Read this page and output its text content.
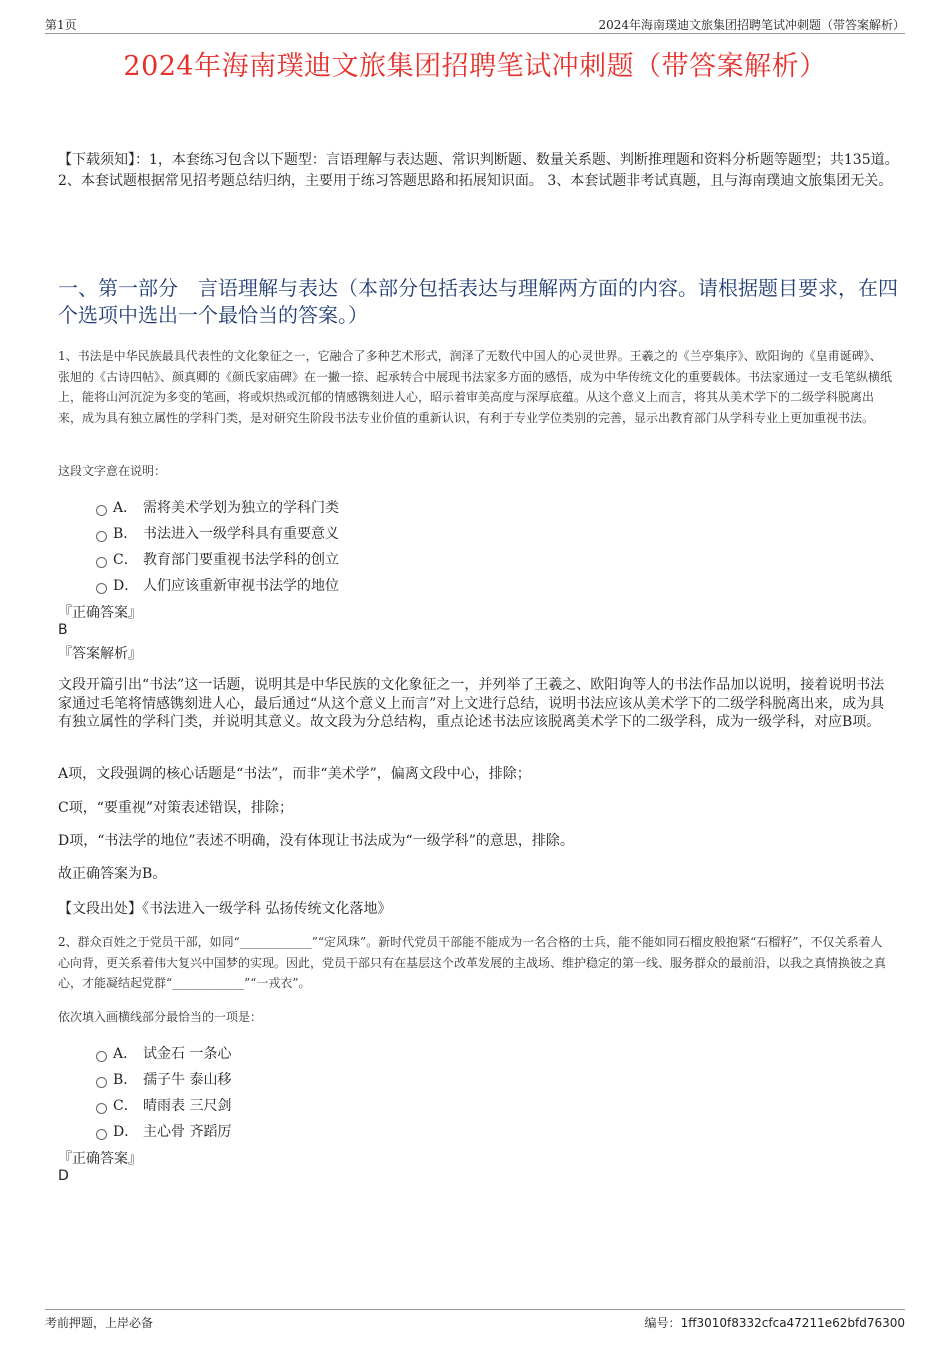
第1页	2024年海南璞迪文旅集团招聘笔试冲刺题（带答案解析）
2024年海南璞迪文旅集团招聘笔试冲刺题（带答案解析）
【下载须知】：1，本套练习包含以下题型：言语理解与表达题、常识判断题、数量关系题、判断推理题和资料分析题等题型；共135道。 2、本套试题根据常见招考题总结归纳，主要用于练习答题思路和拓展知识面。 3、本套试题非考试真题，且与海南璞迪文旅集团无关。
一、第一部分　言语理解与表达（本部分包括表达与理解两方面的内容。请根据题目要求，在四个选项中选出一个最恰当的答案。）
1、书法是中华民族最具代表性的文化象征之一，它融合了多种艺术形式，润泽了无数代中国人的心灵世界。王羲之的《兰亭集序》、欧阳询的《皇甫诞碑》、张旭的《古诗四帖》、颜真卿的《颜氏家庙碑》在一撇一捺、起承转合中展现书法家多方面的感悟，成为中华传统文化的重要载体。书法家通过一支毛笔纵横纸上，能将山河沉淀为多变的笔画，将或炽热或沉郁的情感镌刻进人心，昭示着审美高度与深厚底蕴。从这个意义上而言，将其从美术学下的二级学科脱离出来，成为具有独立属性的学科门类，是对研究生阶段书法专业价值的重新认识，有利于专业学位类别的完善，显示出教育部门从学科专业上更加重视书法。
这段文字意在说明：
A． 需将美术学划为独立的学科门类
B． 书法进入一级学科具有重要意义
C． 教育部门要重视书法学科的创立
D． 人们应该重新审视书法学的地位
『正确答案』
B
『答案解析』
文段开篇引出“书法”这一话题，说明其是中华民族的文化象征之一，并列举了王羲之、欧阳询等人的书法作品加以说明，接着说明书法家通过毛笔将情感镌刻进人心，最后通过“从这个意义上而言”对上文进行总结，说明书法应该从美术学下的二级学科脱离出来，成为具有独立属性的学科门类，并说明其意义。故文段为分总结构，重点论述书法应该脱离美术学下的二级学科，成为一级学科，对应B项。
A项，文段强调的核心话题是“书法”，而非“美术学”，偏离文段中心，排除；
C项，“要重视”对策表述错误，排除；
D项，“书法学的地位”表述不明确，没有体现让书法成为“一级学科”的意思，排除。
故正确答案为B。
【文段出处】《书法进入一级学科 弘扬传统文化落地》
2、群众百姓之于党员干部，如同“____________”“定风珠”。新时代党员干部能不能成为一名合格的士兵，能不能如同石榴皮般抱紧“石榴籽”，不仅关系着人心向背，更关系着伟大复兴中国梦的实现。因此，党员干部只有在基层这个改革发展的主战场、维护稳定的第一线、服务群众的最前沿，以我之真情换彼之真心，才能凝结起党群“____________”“一戎衣”。
依次填入画横线部分最恰当的一项是：
A． 试金石 一条心
B． 孺子牛 泰山移
C． 晴雨表 三尺剑
D． 主心骨 齐蹈厉
『正确答案』
D
考前押题，上岸必备	编号：1ff3010f8332cfca47211e62bfd76300
